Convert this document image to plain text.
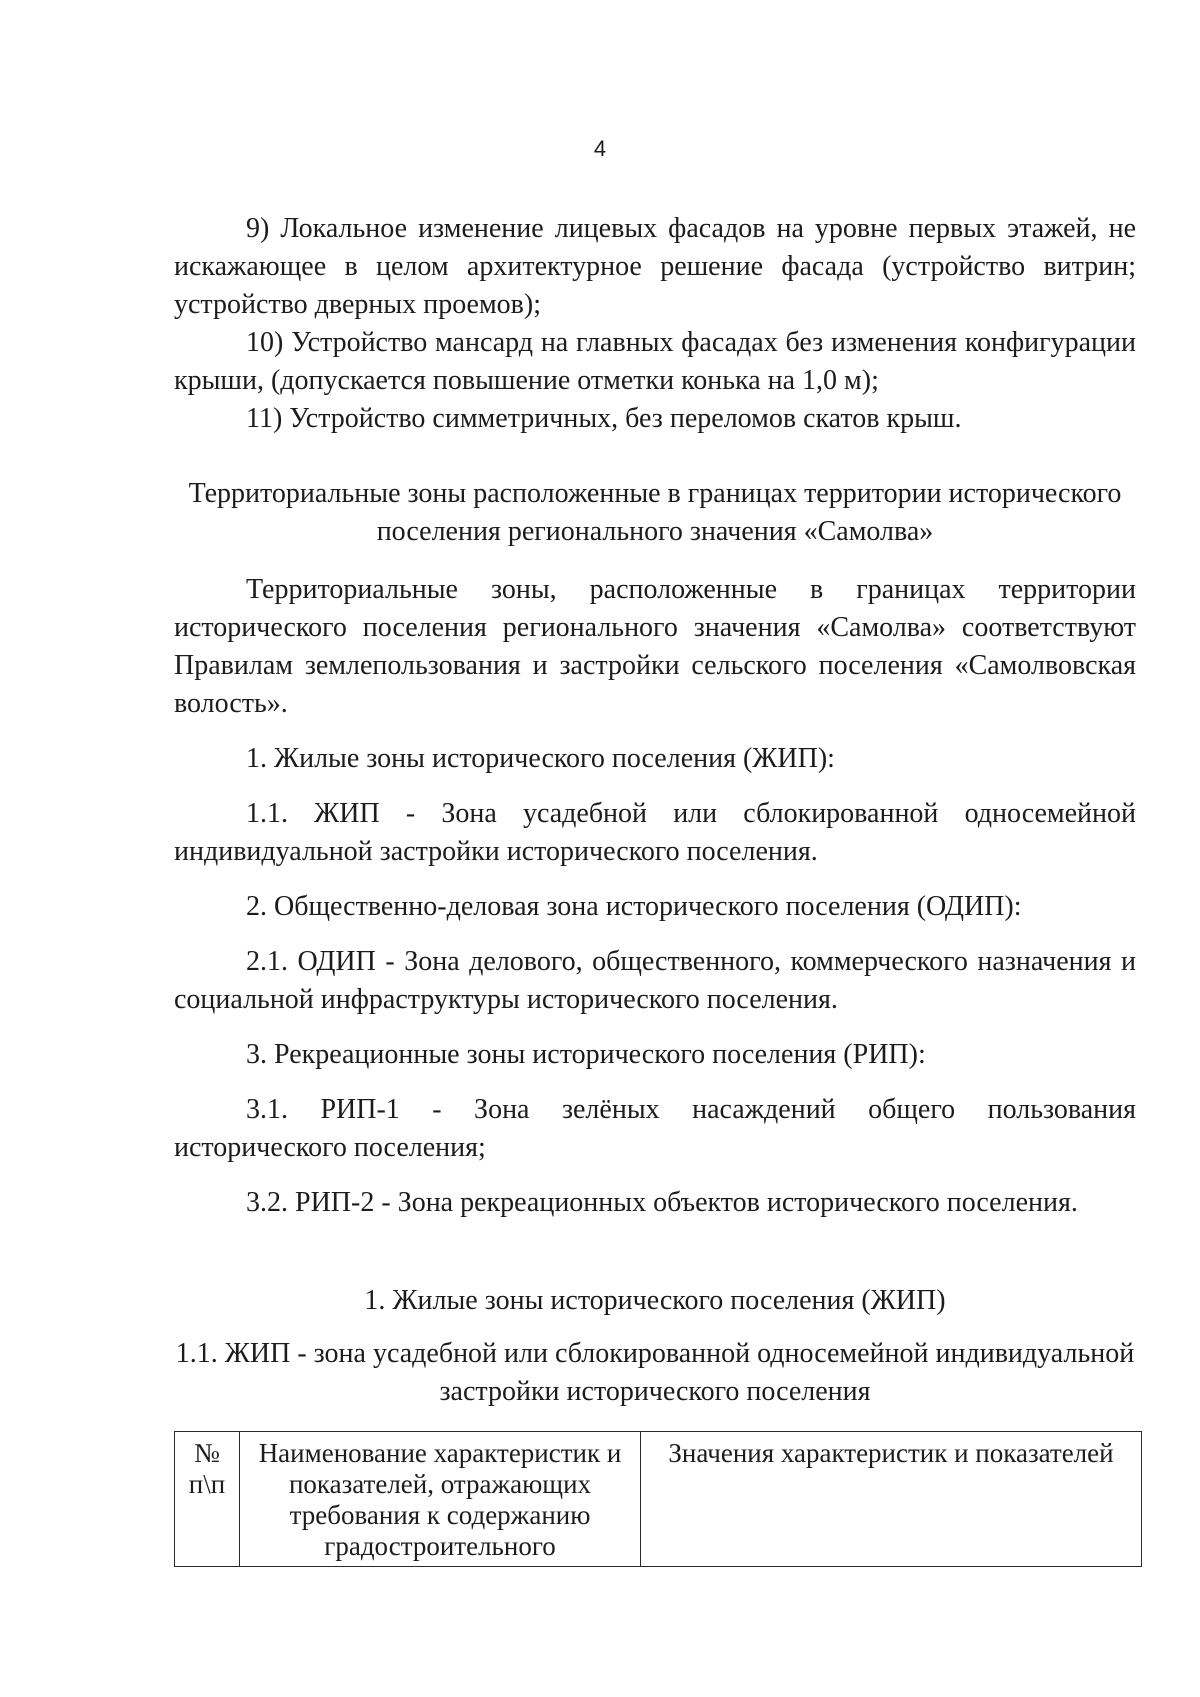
4

9) Локальное изменение лицевых фасадов на уровне первых этажей, не искажающее в целом архитектурное решение фасада (устройство витрин; устройство дверных проемов);

10) Устройство мансард на главных фасадах без изменения конфигурации крыши, (допускается повышение отметки конька на 1,0 м);

11) Устройство симметричных, без переломов скатов крыш.

Территориальные зоны расположенные в границах территории исторического поселения регионального значения «Самолва»

Территориальные зоны, расположенные в границах территории исторического поселения регионального значения «Самолва» соответствуют Правилам землепользования и застройки сельского поселения «Самолвовская волость».

1. Жилые зоны исторического поселения (ЖИП):

1.1. ЖИП - Зона усадебной или сблокированной односемейной индивидуальной застройки исторического поселения.

2. Общественно-деловая зона исторического поселения (ОДИП):

2.1. ОДИП - Зона делового, общественного, коммерческого назначения и социальной инфраструктуры исторического поселения.

3. Рекреационные зоны исторического поселения (РИП):

3.1. РИП-1 - Зона зелёных насаждений общего пользования исторического поселения;

3.2. РИП-2 - Зона рекреационных объектов исторического поселения.

1. Жилые зоны исторического поселения (ЖИП)

1.1. ЖИП - зона усадебной или сблокированной односемейной индивидуальной застройки исторического поселения

№ п\п	Наименование характеристик и показателей, отражающих требования к содержанию градостроительного	Значения характеристик и показателей
